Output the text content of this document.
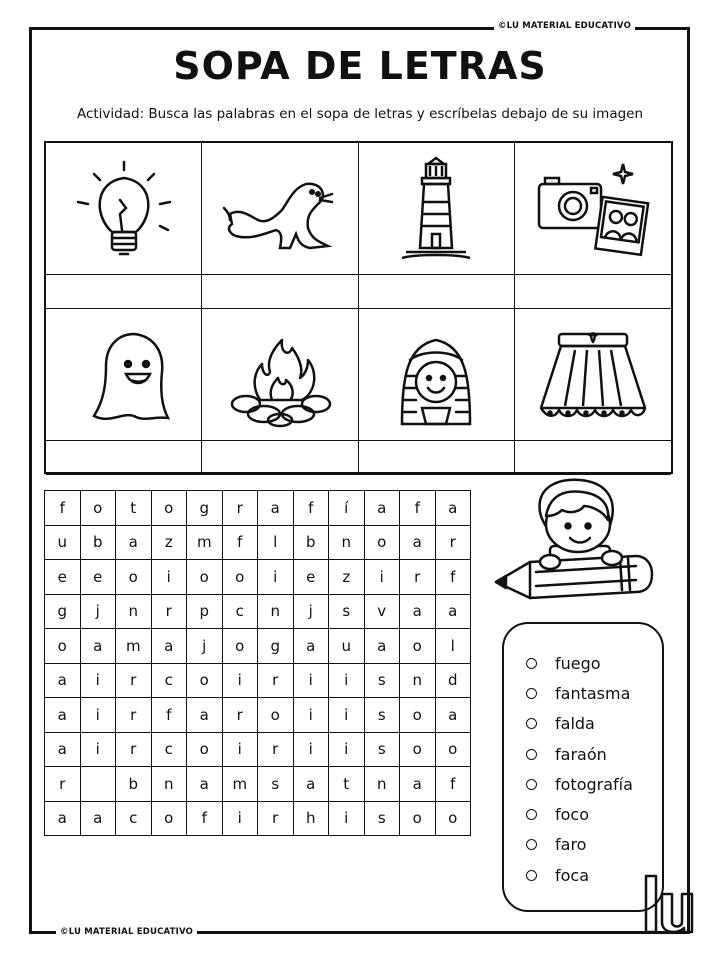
©LU MATERIAL EDUCATIVO
©LU MATERIAL EDUCATIVO
SOPA DE LETRAS
Actividad: Busca las palabras en el sopa de letras y escríbelas debajo de su imagen
f	o	t	o	g	r	a	f	í	a	f	a
u	b	a	z	m	f	l	b	n	o	a	r
e	e	o	i	o	o	i	e	z	i	r	f
g	j	n	r	p	c	n	j	s	v	a	a
o	a	m	a	j	o	g	a	u	a	o	l
a	i	r	c	o	i	r	i	i	s	n	d
a	i	r	f	a	r	o	i	i	s	o	a
a	i	r	c	o	i	r	i	i	s	o	o
r		b	n	a	m	s	a	t	n	a	f
a	a	c	o	f	i	r	h	i	s	o	o
fuego
fantasma
falda
faraón
fotografía
foco
faro
foca
